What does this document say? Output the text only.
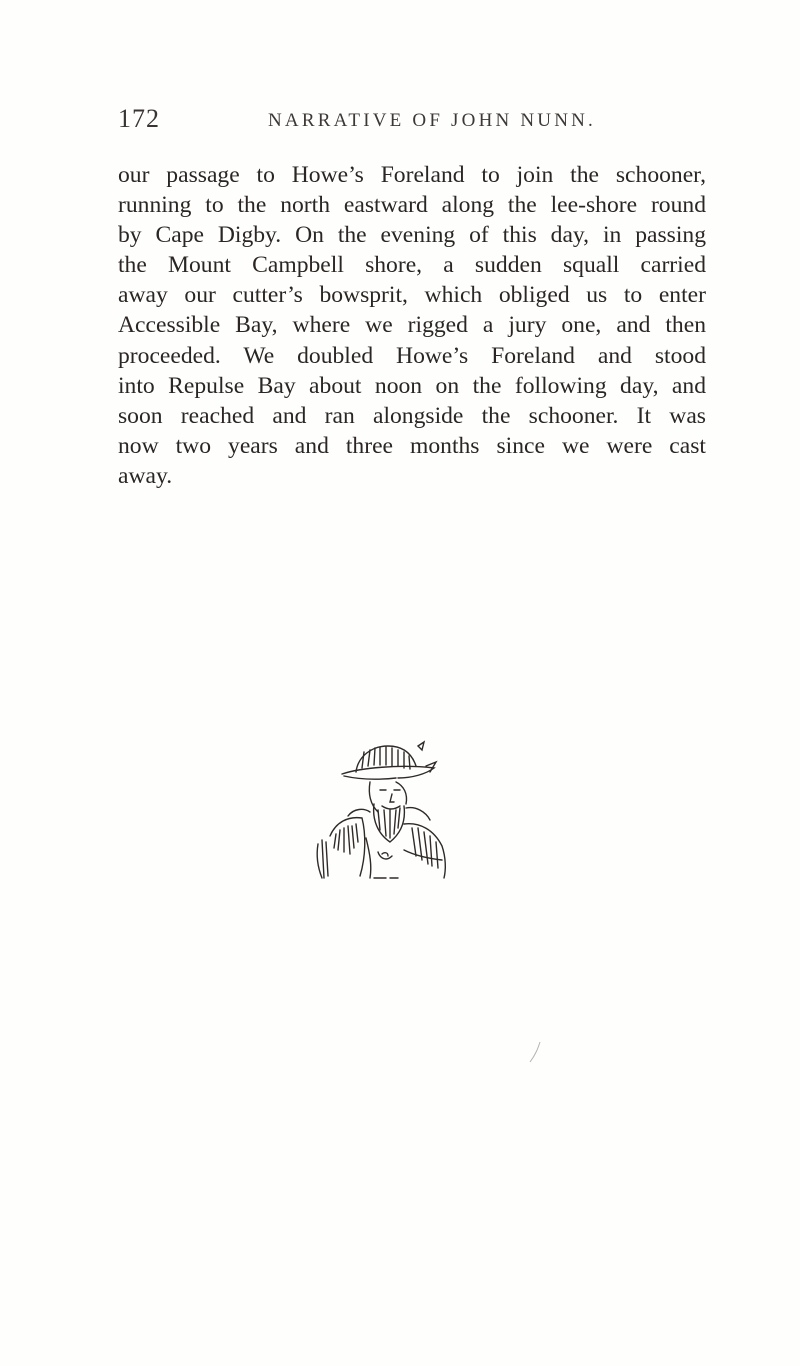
172	NARRATIVE OF JOHN NUNN.
our passage to Howe’s Foreland to join the schooner,
running to the north eastward along the lee-shore round
by Cape Digby. On the evening of this day, in passing
the Mount Campbell shore, a sudden squall carried
away our cutter’s bowsprit, which obliged us to enter
Accessible Bay, where we rigged a jury one, and then
proceeded. We doubled Howe’s Foreland and stood
into Repulse Bay about noon on the following day, and
soon reached and ran alongside the schooner. It was
now two years and three months since we were cast
away.
